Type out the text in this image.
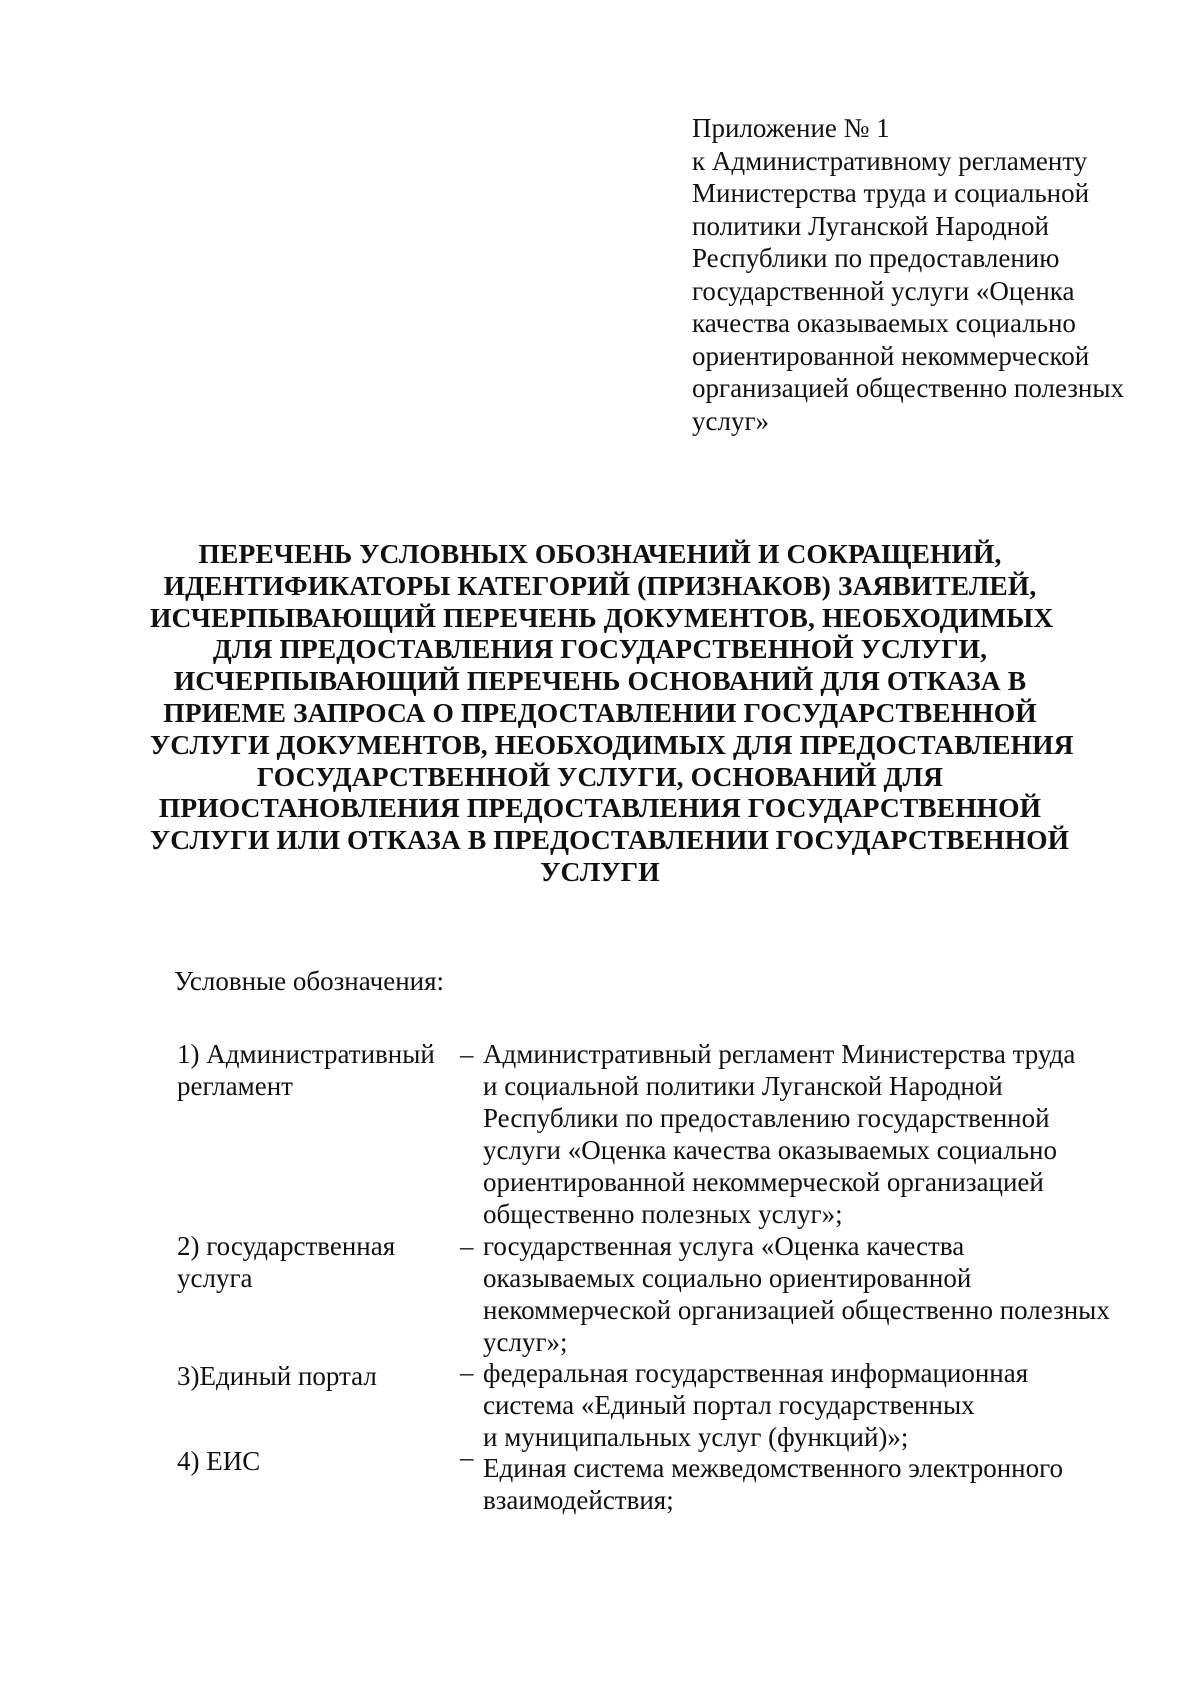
Приложение № 1
к Административному регламенту
Министерства труда и социальной
политики Луганской Народной
Республики по предоставлению
государственной услуги «Оценка
качества оказываемых социально
ориентированной некоммерческой
организацией общественно полезных
услуг»
ПЕРЕЧЕНЬ УСЛОВНЫХ ОБОЗНАЧЕНИЙ И СОКРАЩЕНИЙ,
ИДЕНТИФИКАТОРЫ КАТЕГОРИЙ (ПРИЗНАКОВ) ЗАЯВИТЕЛЕЙ,
ИСЧЕРПЫВАЮЩИЙ ПЕРЕЧЕНЬ ДОКУМЕНТОВ, НЕОБХОДИМЫХ
ДЛЯ ПРЕДОСТАВЛЕНИЯ ГОСУДАРСТВЕННОЙ УСЛУГИ,
ИСЧЕРПЫВАЮЩИЙ ПЕРЕЧЕНЬ ОСНОВАНИЙ ДЛЯ ОТКАЗА В
ПРИЕМЕ ЗАПРОСА О ПРЕДОСТАВЛЕНИИ ГОСУДАРСТВЕННОЙ
УСЛУГИ ДОКУМЕНТОВ, НЕОБХОДИМЫХ ДЛЯ ПРЕДОСТАВЛЕНИЯ
ГОСУДАРСТВЕННОЙ УСЛУГИ, ОСНОВАНИЙ ДЛЯ
ПРИОСТАНОВЛЕНИЯ ПРЕДОСТАВЛЕНИЯ ГОСУДАРСТВЕННОЙ
УСЛУГИ ИЛИ ОТКАЗА В ПРЕДОСТАВЛЕНИИ ГОСУДАРСТВЕННОЙ
УСЛУГИ
Условные обозначения:
1) Административный
регламент
– Административный регламент Министерства труда
и социальной политики Луганской Народной
Республики по предоставлению государственной
услуги «Оценка качества оказываемых социально
ориентированной некоммерческой организацией
общественно полезных услуг»;
2) государственная
услуга
– государственная услуга «Оценка качества
оказываемых социально ориентированной
некоммерческой организацией общественно полезных
услуг»;
3)Единый портал	– федеральная государственная информационная
система «Единый портал государственных
и муниципальных услуг (функций)»;
4) ЕИС	– Единая система межведомственного электронного
взаимодействия;
